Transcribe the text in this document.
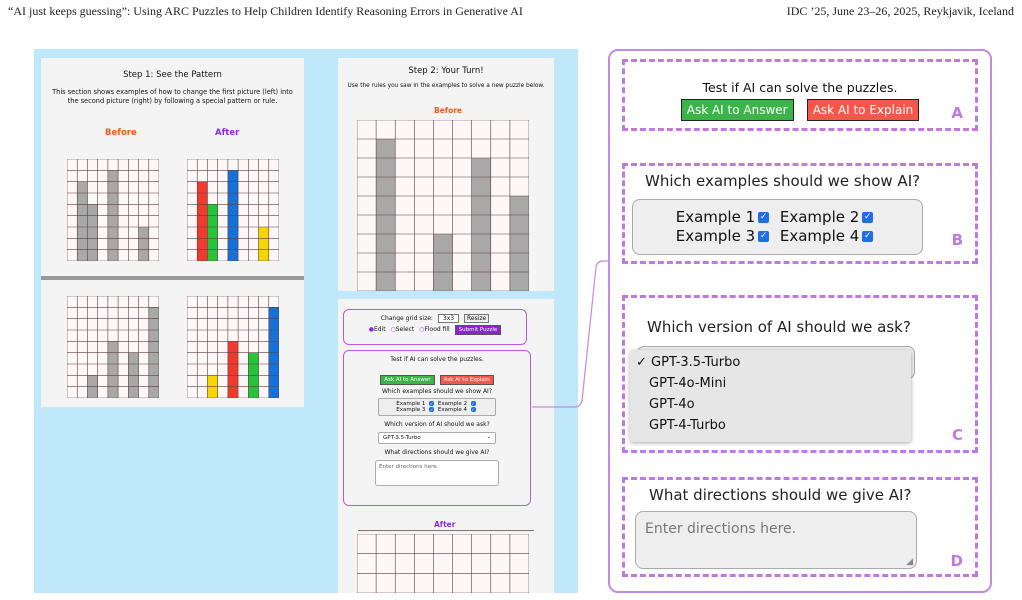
“AI just keeps guessing”: Using ARC Puzzles to Help Children Identify Reasoning Errors in Generative AI	IDC ’25, June 23–26, 2025, Reykjavik, Iceland
Step 1: See the Pattern
This section shows examples of how to change the first picture (left) into
the second picture (right) by following a special pattern or rule.
Before	After
Step 2: Your Turn!
Use the rules you saw in the examples to solve a new puzzle below.
Before
Change grid size: 3x3 Resize
●Edit ○Select ○Flood fill Submit Puzzle
Test if AI can solve the puzzles.
Ask AI to Answer Ask AI to Explain
Which examples should we show AI?
Example 1 ✓ Example 2 ✓
Example 3 ✓ Example 4 ✓
Which version of AI should we ask?
GPT-3.5-Turbo	⌄
What directions should we give AI?
Enter directions here.
After
Test if AI can solve the puzzles.
Ask AI to Answer Ask AI to Explain	A
Which examples should we show AI?
Example 1 ✓ Example 2 ✓
Example 3 ✓ Example 4 ✓	B
Which version of AI should we ask?
✓ GPT-3.5-Turbo
GPT-4o-Mini
GPT-4o
GPT-4-Turbo
C
What directions should we give AI?
Enter directions here.
◢	D
